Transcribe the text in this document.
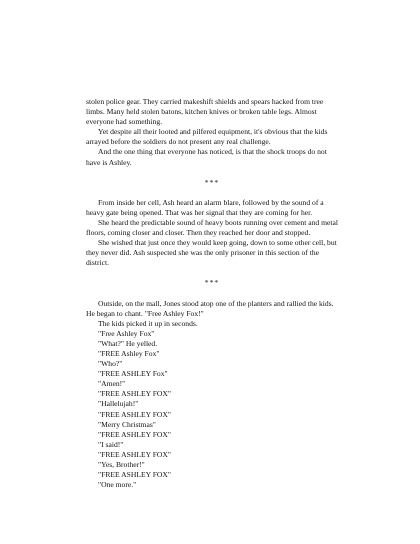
stolen police gear. They carried makeshift shields and spears hacked from tree limbs. Many held stolen batons, kitchen knives or broken table legs. Almost everyone had something.

Yet despite all their looted and pilfered equipment, it's obvious that the kids arrayed before the soldiers do not present any real challenge.

And the one thing that everyone has noticed, is that the shock troops do not have is Ashley.

***

From inside her cell, Ash heard an alarm blare, followed by the sound of a heavy gate being opened. That was her signal that they are coming for her.

She heard the predictable sound of heavy boots running over cement and metal floors, coming closer and closer. Then they reached her door and stopped.

She wished that just once they would keep going, down to some other cell, but they never did. Ash suspected she was the only prisoner in this section of the district.

***

Outside, on the mall, Jones stood atop one of the planters and rallied the kids. He began to chant. "Free Ashley Fox!"

The kids picked it up in seconds.

"Free Ashley Fox"

"What?" He yelled.

"FREE Ashley Fox"

"Who?"

"FREE ASHLEY Fox"

"Amen!"

"FREE ASHLEY FOX"

"Hallelujah!"

"FREE ASHLEY FOX"

"Merry Christmas"

"FREE ASHLEY FOX"

"I said!"

"FREE ASHLEY FOX"

"Yes, Brother!"

"FREE ASHLEY FOX"

"One more."
